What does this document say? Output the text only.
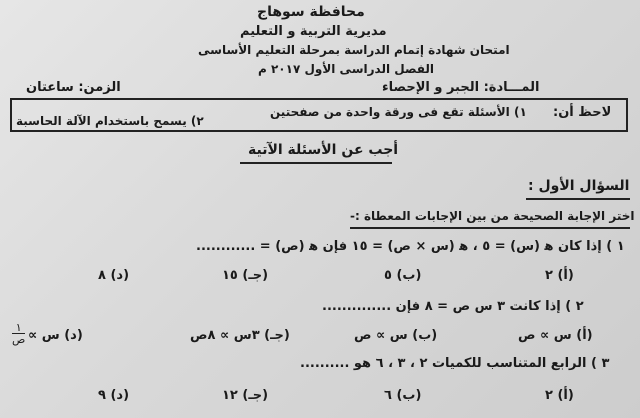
محافظة سوهاج
مديرية التربية و التعليم
امتحان شهادة إتمام الدراسة بمرحلة التعليم الأساسى
الفصل الدراسى الأول ٢٠١٧ م
المـــادة: الجبر و الإحصاء
الزمن: ساعتان
لاحظ أن:
١) الأسئلة تقع فى ورقة واحدة من صفحتين
٢) يسمح باستخدام الآلة الحاسبة
أجب عن الأسئلة الآتية
السؤال الأول :
اختر الإجابة الصحيحة من بين الإجابات المعطاة :-
١ ) إذا كان ﻫ (س) = ٥ ، ﻫ (س × ص) = ١٥ فإن ﻫ (ص) = ............
(أ) ٢
(ب) ٥
(جـ) ١٥
(د) ٨
٢ ) إذا كانت ٣ س ص = ٨ فإن ..............
(أ) س ∝ ص
(ب) س ∝ ص
(جـ) ٣س ∝ ٨ص
(د) س ∝
١
ص
٣ ) الرابع المتناسب للكميات ٢ ، ٣ ، ٦ هو ..........
(أ) ٢
(ب) ٦
(جـ) ١٢
(د) ٩
